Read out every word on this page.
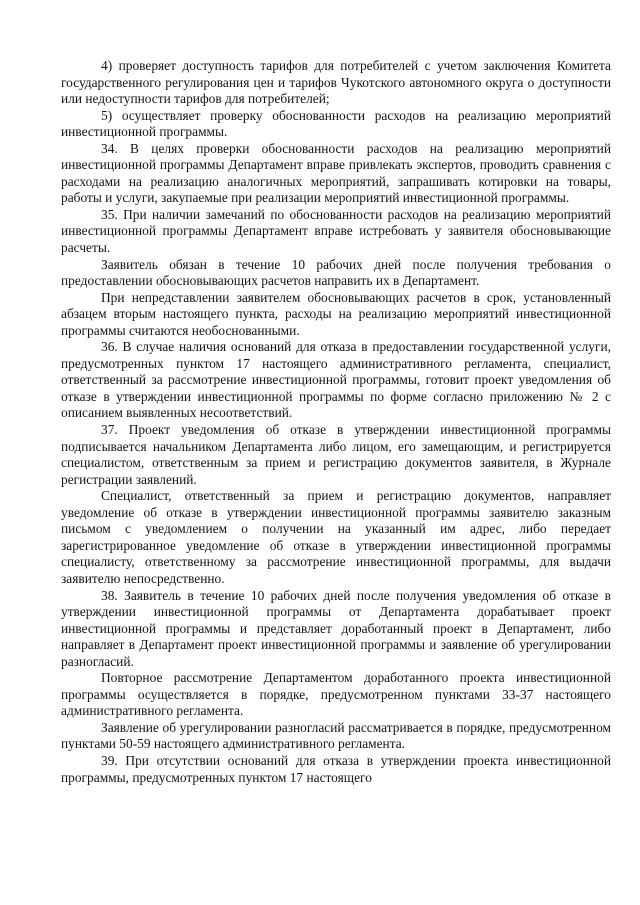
4) проверяет доступность тарифов для потребителей с учетом заключения Комитета государственного регулирования цен и тарифов Чукотского автономного округа о доступности или недоступности тарифов для потребителей;

5) осуществляет проверку обоснованности расходов на реализацию мероприятий инвестиционной программы.

34. В целях проверки обоснованности расходов на реализацию мероприятий инвестиционной программы Департамент вправе привлекать экспертов, проводить сравнения с расходами на реализацию аналогичных мероприятий, запрашивать котировки на товары, работы и услуги, закупаемые при реализации мероприятий инвестиционной программы.

35. При наличии замечаний по обоснованности расходов на реализацию мероприятий инвестиционной программы Департамент вправе истребовать у заявителя обосновывающие расчеты.

Заявитель обязан в течение 10 рабочих дней после получения требования о предоставлении обосновывающих расчетов направить их в Департамент.

При непредставлении заявителем обосновывающих расчетов в срок, установленный абзацем вторым настоящего пункта, расходы на реализацию мероприятий инвестиционной программы считаются необоснованными.

36. В случае наличия оснований для отказа в предоставлении государственной услуги, предусмотренных пунктом 17 настоящего административного регламента, специалист, ответственный за рассмотрение инвестиционной программы, готовит проект уведомления об отказе в утверждении инвестиционной программы по форме согласно приложению № 2 с описанием выявленных несоответствий.

37. Проект уведомления об отказе в утверждении инвестиционной программы подписывается начальником Департамента либо лицом, его замещающим, и регистрируется специалистом, ответственным за прием и регистрацию документов заявителя, в Журнале регистрации заявлений.

Специалист, ответственный за прием и регистрацию документов, направляет уведомление об отказе в утверждении инвестиционной программы заявителю заказным письмом с уведомлением о получении на указанный им адрес, либо передает зарегистрированное уведомление об отказе в утверждении инвестиционной программы специалисту, ответственному за рассмотрение инвестиционной программы, для выдачи заявителю непосредственно.

38. Заявитель в течение 10 рабочих дней после получения уведомления об отказе в утверждении инвестиционной программы от Департамента дорабатывает проект инвестиционной программы и представляет доработанный проект в Департамент, либо направляет в Департамент проект инвестиционной программы и заявление об урегулировании разногласий.

Повторное рассмотрение Департаментом доработанного проекта инвестиционной программы осуществляется в порядке, предусмотренном пунктами 33-37 настоящего административного регламента.

Заявление об урегулировании разногласий рассматривается в порядке, предусмотренном пунктами 50-59 настоящего административного регламента.

39. При отсутствии оснований для отказа в утверждении проекта инвестиционной программы, предусмотренных пунктом 17 настоящего
